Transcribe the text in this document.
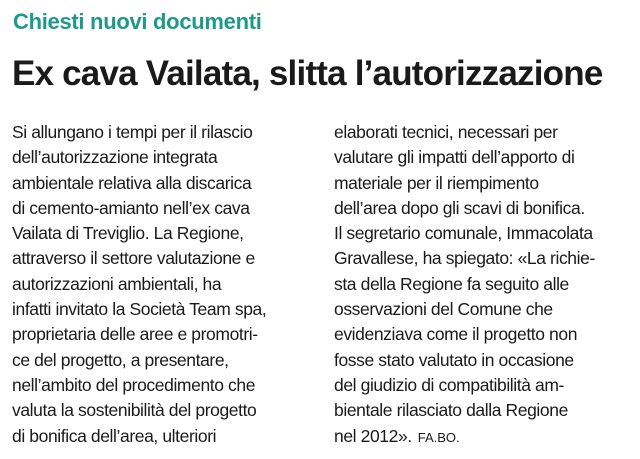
Chiesti nuovi documenti
Ex cava Vailata, slitta l’autorizzazione
Si allungano i tempi per il rilascio
dell’autorizzazione integrata
ambientale relativa alla discarica
di cemento-amianto nell’ex cava
Vailata di Treviglio. La Regione,
attraverso il settore valutazione e
autorizzazioni ambientali, ha
infatti invitato la Società Team spa,
proprietaria delle aree e promotri-
ce del progetto, a presentare,
nell’ambito del procedimento che
valuta la sostenibilità del progetto
di bonifica dell’area, ulteriori
elaborati tecnici, necessari per
valutare gli impatti dell’apporto di
materiale per il riempimento
dell’area dopo gli scavi di bonifica.
Il segretario comunale, Immacolata
Gravallese, ha spiegato: «La richie-
sta della Regione fa seguito alle
osservazioni del Comune che
evidenziava come il progetto non
fosse stato valutato in occasione
del giudizio di compatibilità am-
bientale rilasciato dalla Regione
nel 2012». FA.BO.
